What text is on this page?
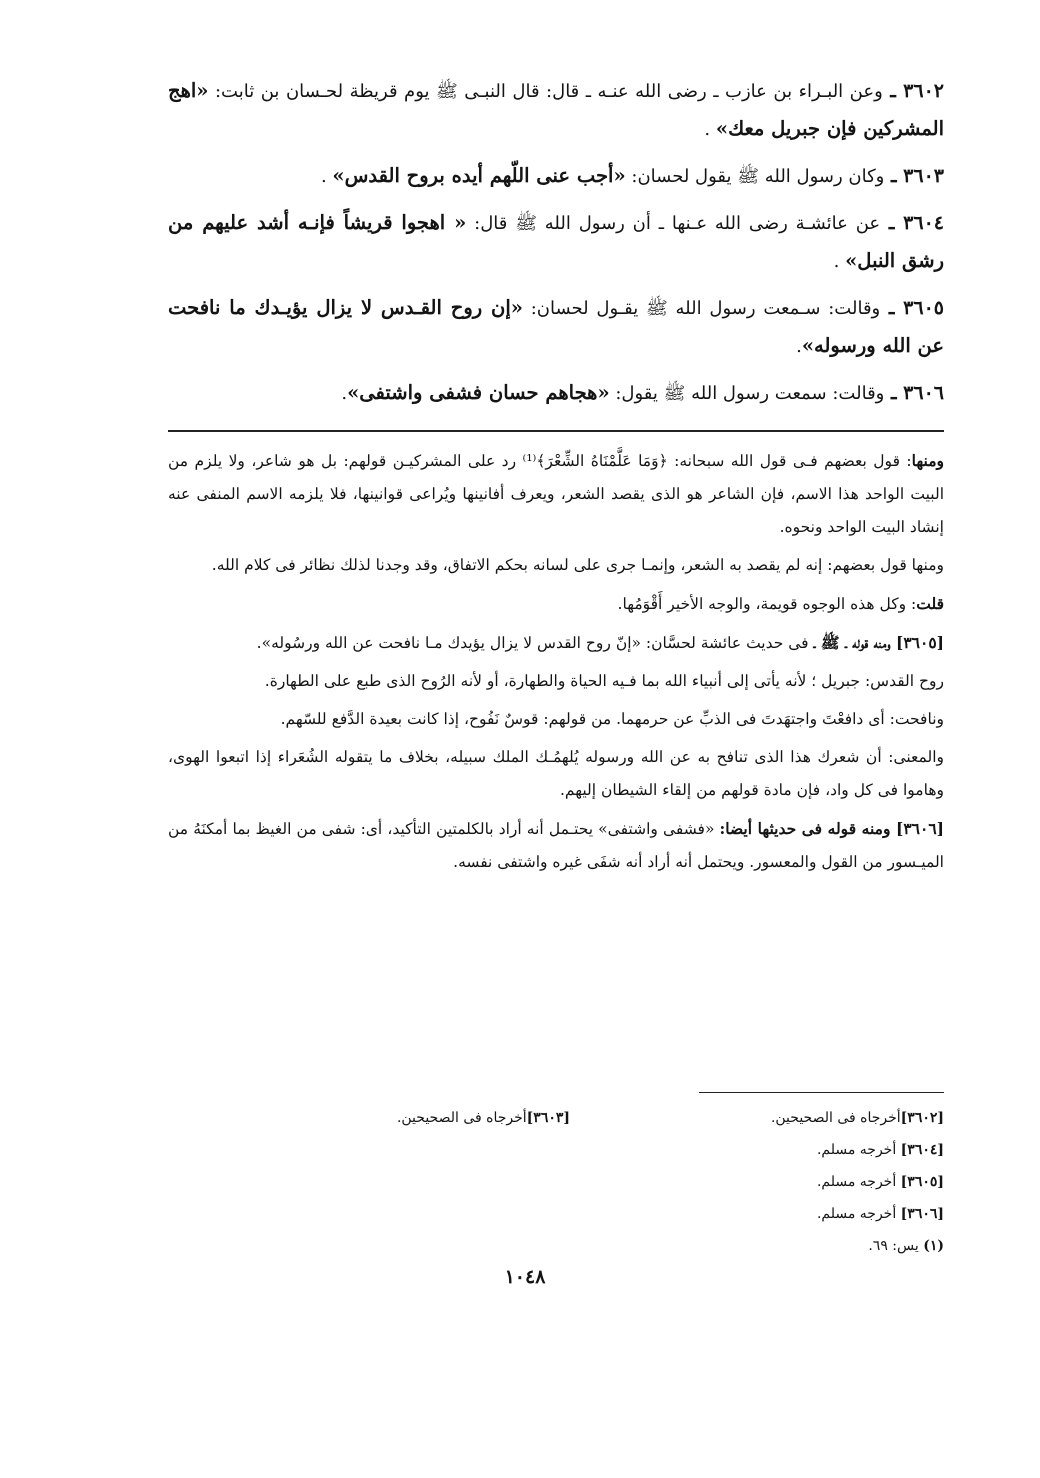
٣٦٠٢ ـ وعن البـراء بن عازب ـ رضى الله عنـه ـ قال: قال النبـى ﷺ يوم قريظة لحـسان بن ثابت: «اهج المشركين فإن جبريل معك» .

٣٦٠٣ ـ وكان رسول الله ﷺ يقول لحسان: «أجب عنى اللّهم أيده بروح القدس» .

٣٦٠٤ ـ عن عائشـة رضى الله عـنها ـ أن رسول الله ﷺ قال: « اهجوا قريشاً فإنـه أشد عليهم من رشق النبل» .

٣٦٠٥ ـ وقالت: سـمعت رسول الله ﷺ يقـول لحسان: «إن روح القـدس لا يزال يؤيـدك ما نافحت عن الله ورسوله».

٣٦٠٦ ـ وقالت: سمعت رسول الله ﷺ يقول: «هجاهم حسان فشفى واشتفى».

ومنها: قول بعضهم فـى قول الله سبحانه: ﴿وَمَا عَلَّمْنَاهُ الشِّعْرَ﴾⁽¹⁾ رد على المشركيـن قولهم: بل هو شاعر، ولا يلزم من البيت الواحد هذا الاسم، فإن الشاعر هو الذى يقصد الشعر، ويعرف أفانينها ويُراعى قوانينها، فلا يلزمه الاسم المنفى عنه إنشاد البيت الواحد ونحوه.

ومنها قول بعضهم: إنه لم يقصد به الشعر، وإنمـا جرى على لسانه بحكم الاتفاق، وقد وجدنا لذلك نظائر فى كلام الله.

قلت: وكل هذه الوجوه قويمة، والوجه الأخير أَقْوَمُها.

[٣٦٠٥] ومنه قوله ـ ﷺ ـ فى حديث عائشة لحسَّان: «إنّ روح القدس لا يزال يؤيدك مـا نافحت عن الله ورسُوله».

روح القدس: جبريل ؛ لأنه يأتى إلى أنبياء الله بما فـيه الحياة والطهارة، أو لأنه الرُوح الذى طبع على الطهارة.

ونافحت: أى دافعْتَ واجتهَدتَ فى الذبِّ عن حرمهما. من قولهم: قوسٌ نَفُوح، إذا كانت بعيدة الدَّفع للسّهم.

والمعنى: أن شعرك هذا الذى تنافح به عن الله ورسوله يُلهمُـك الملك سبيله، بخلاف ما يتقوله الشُعَراء إذا اتبعوا الهوى، وهاموا فى كل واد، فإن مادة قولهم من إلقاء الشيطان إليهم.

[٣٦٠٦] ومنه قوله فى حديثها أيضا: «فشفى واشتفى» يحتـمل أنه أراد بالكلمتين التأكيد، أى: شفى من الغيظ بما أمكنَهُ من الميـسور من القول والمعسور. ويحتمل أنه أراد أنه شفَى غيره واشتفى نفسه.

[٣٦٠٢]أخرجاه فى الصحيحين.
[٣٦٠٤] أخرجه مسلم.
[٣٦٠٥] أخرجه مسلم.
[٣٦٠٦] أخرجه مسلم.
(١) يس: ٦٩.
[٣٦٠٣]أخرجاه فى الصحيحين.
١٠٤٨
